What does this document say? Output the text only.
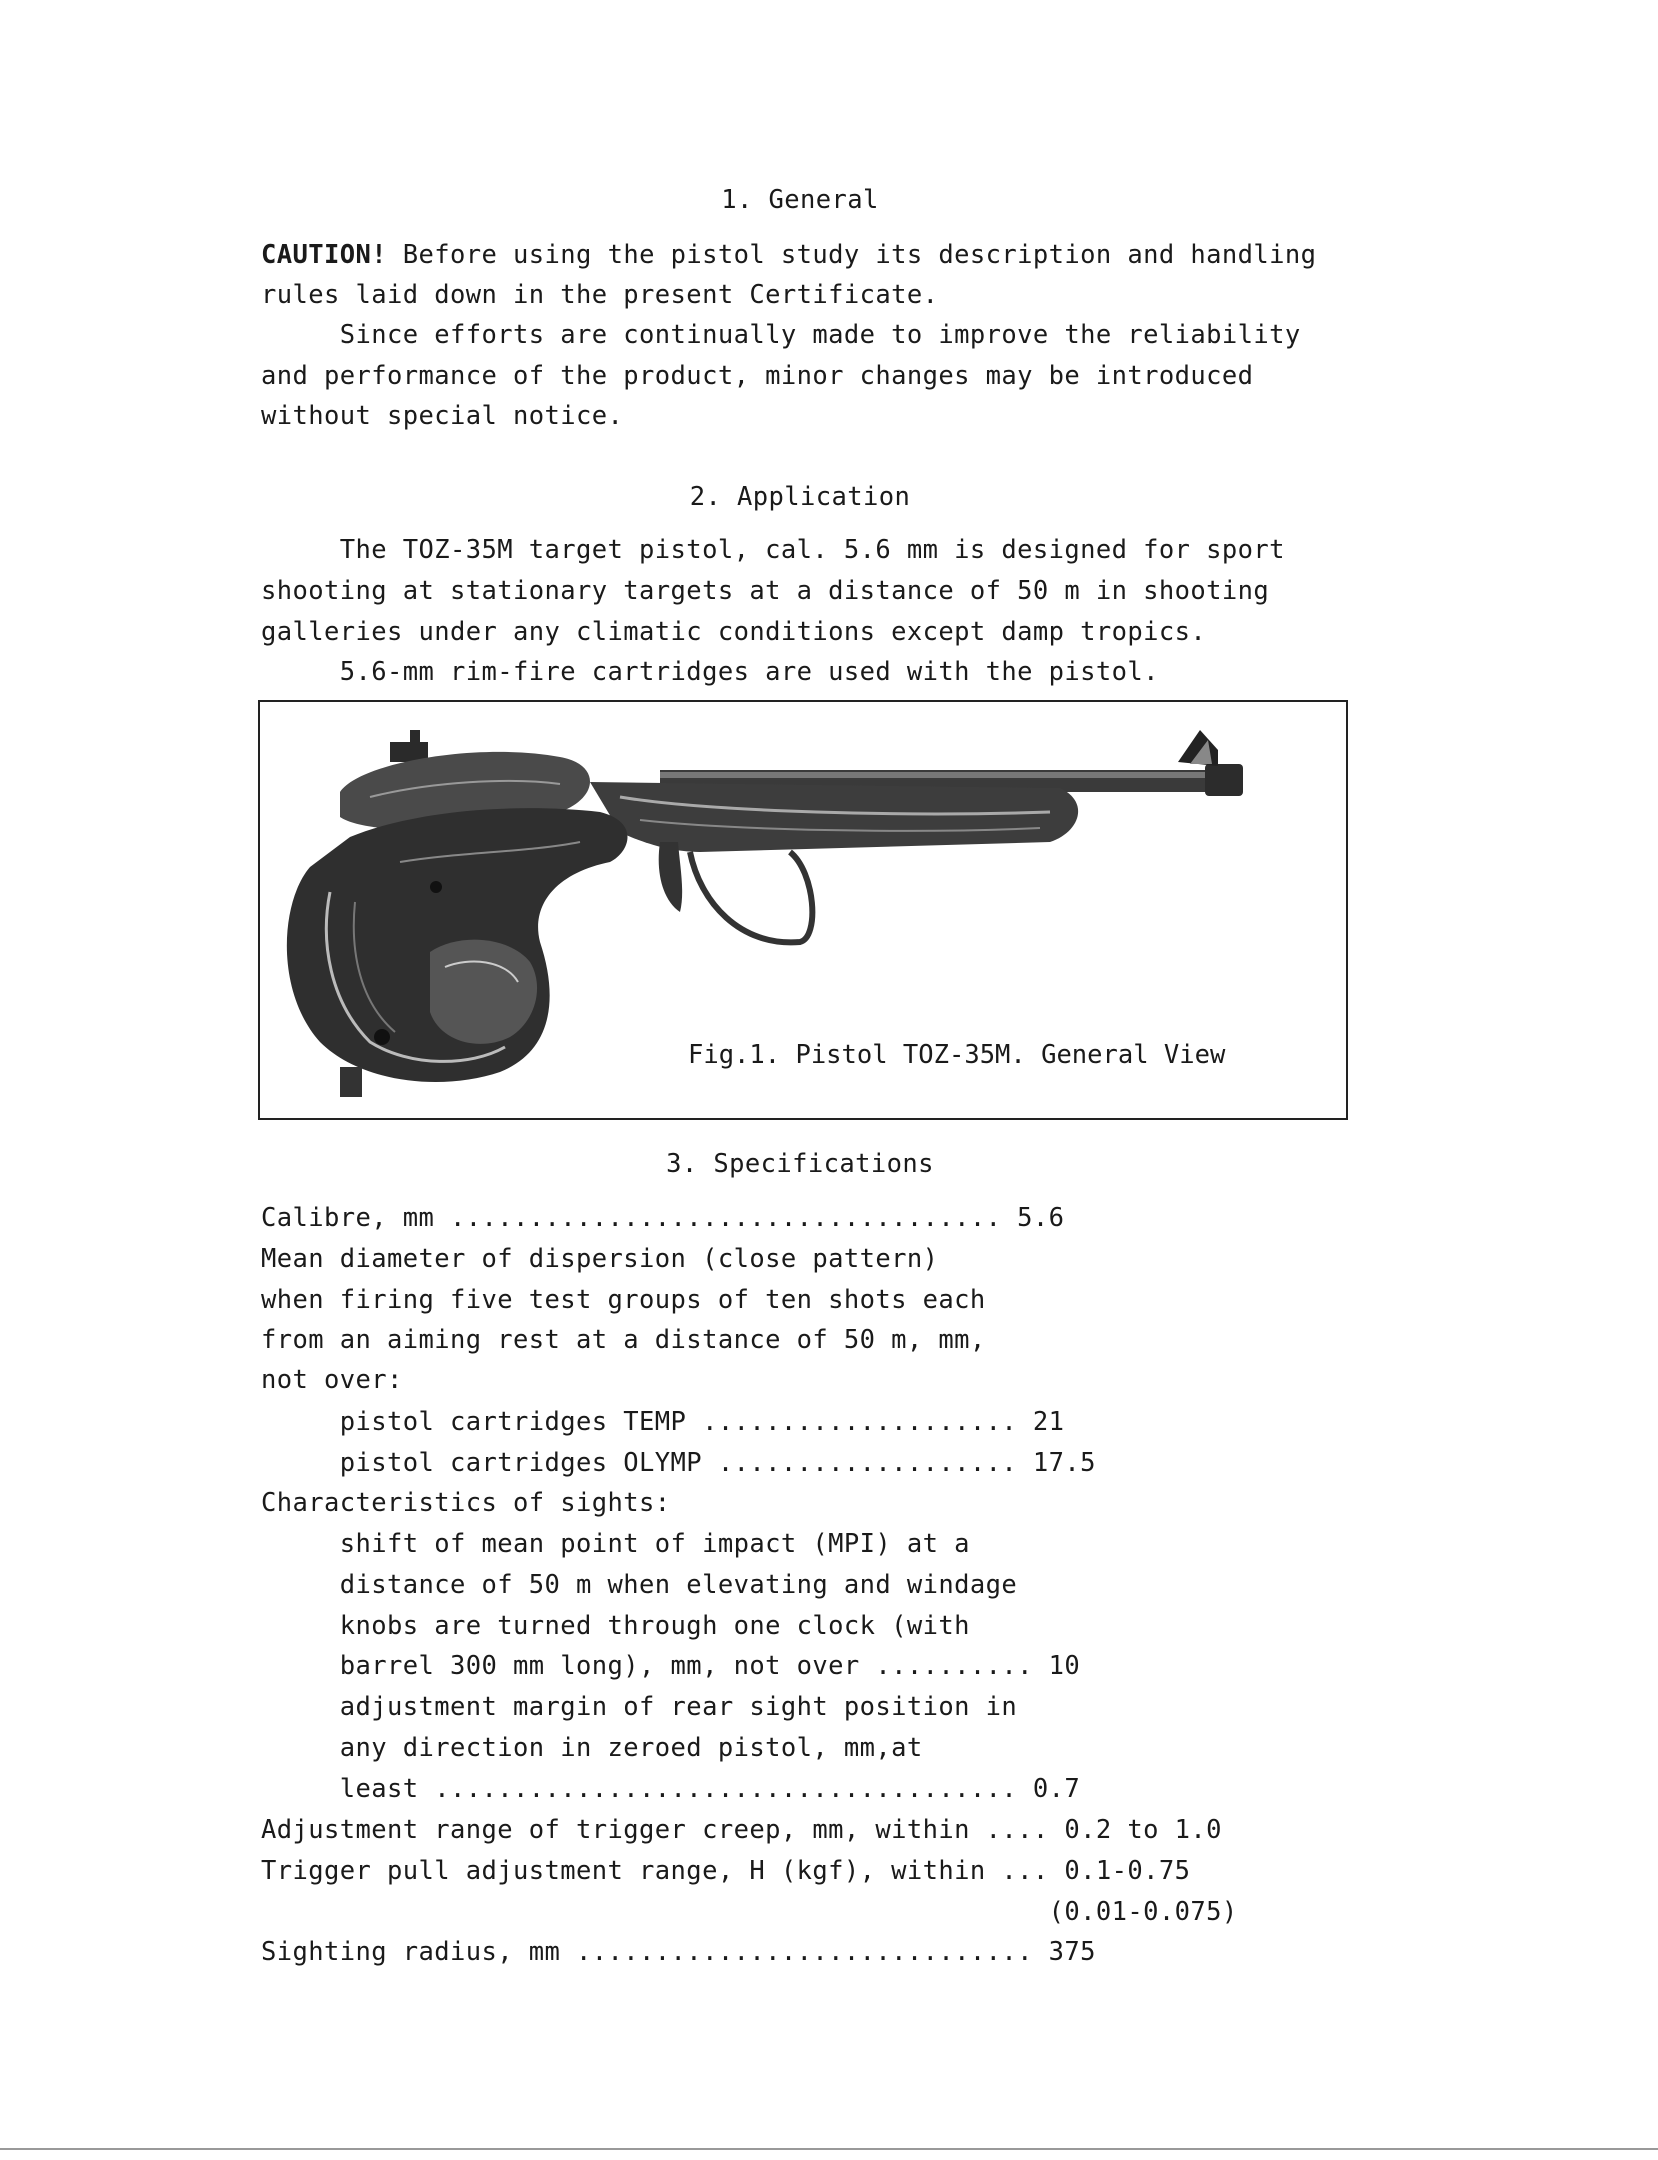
1. General
CAUTION! Before using the pistol study its description and handling
rules laid down in the present Certificate.
Since efforts are continually made to improve the reliability
and performance of the product, minor changes may be introduced
without special notice.
2. Application
The TOZ-35M target pistol, cal. 5.6 mm is designed for sport
shooting at stationary targets at a distance of 50 m in shooting
galleries under any climatic conditions except damp tropics.
5.6-mm rim-fire cartridges are used with the pistol.
Fig.1. Pistol TOZ-35M. General View
3. Specifications
Calibre, mm ................................... 5.6
Mean diameter of dispersion (close pattern)
when firing five test groups of ten shots each
from an aiming rest at a distance of 50 m, mm,
not over:
pistol cartridges TEMP .................... 21
pistol cartridges OLYMP ................... 17.5
Characteristics of sights:
shift of mean point of impact (MPI) at a
distance of 50 m when elevating and windage
knobs are turned through one clock (with
barrel 300 mm long), mm, not over .......... 10
adjustment margin of rear sight position in
any direction in zeroed pistol, mm,at
least ..................................... 0.7
Adjustment range of trigger creep, mm, within .... 0.2 to 1.0
Trigger pull adjustment range, H (kgf), within ... 0.1-0.75
(0.01-0.075)
Sighting radius, mm ............................. 375
